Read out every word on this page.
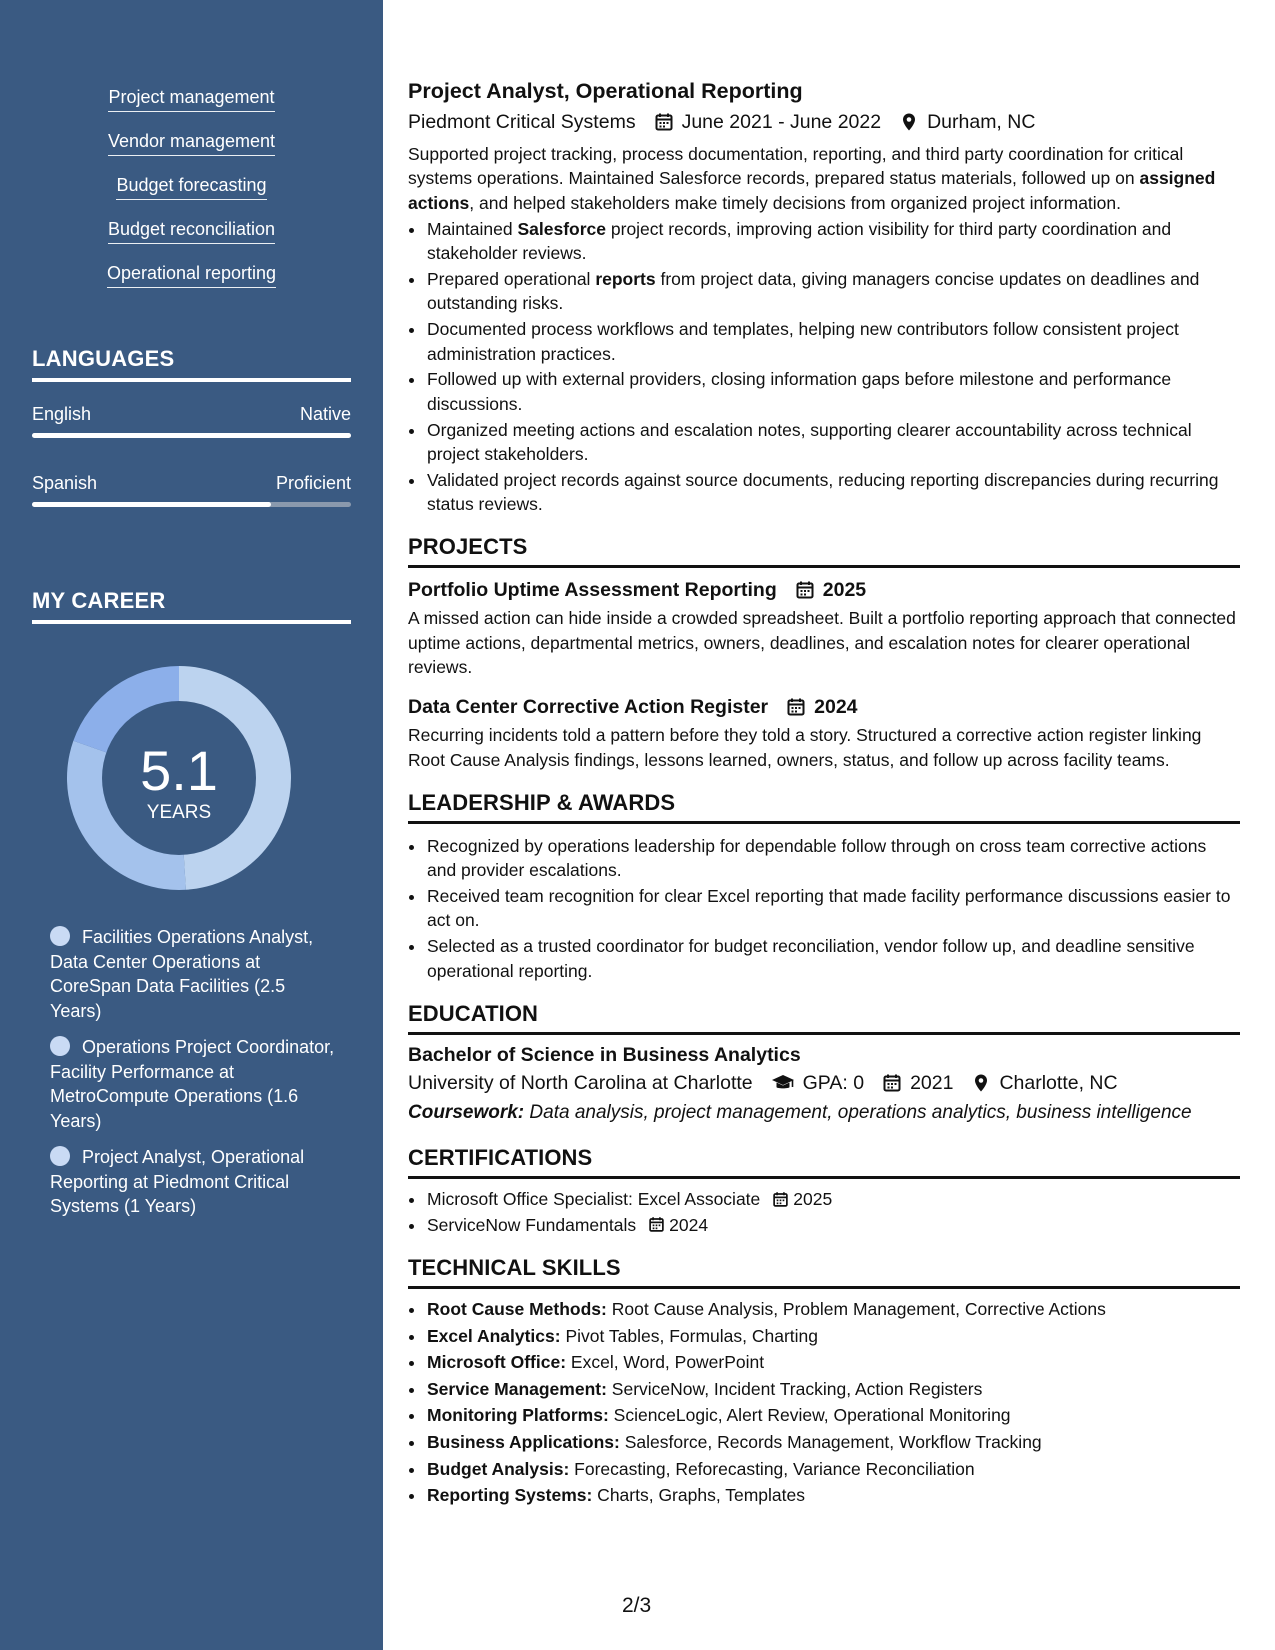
Project management
Vendor management
Budget forecasting
Budget reconciliation
Operational reporting
LANGUAGES
English	Native
Spanish	Proficient
MY CAREER
5.1
YEARS
Facilities Operations Analyst, Data Center Operations at CoreSpan Data Facilities (2.5 Years)
Operations Project Coordinator, Facility Performance at MetroCompute Operations (1.6 Years)
Project Analyst, Operational Reporting at Piedmont Critical Systems (1 Years)
Project Analyst, Operational Reporting
Piedmont Critical Systems June 2021 - June 2022 Durham, NC

Supported project tracking, process documentation, reporting, and third party coordination for critical systems operations. Maintained Salesforce records, prepared status materials, followed up on assigned actions, and helped stakeholders make timely decisions from organized project information.

• Maintained Salesforce project records, improving action visibility for third party coordination and stakeholder reviews.
• Prepared operational reports from project data, giving managers concise updates on deadlines and outstanding risks.
• Documented process workflows and templates, helping new contributors follow consistent project administration practices.
• Followed up with external providers, closing information gaps before milestone and performance discussions.
• Organized meeting actions and escalation notes, supporting clearer accountability across technical project stakeholders.
• Validated project records against source documents, reducing reporting discrepancies during recurring status reviews.
PROJECTS
Portfolio Uptime Assessment Reporting 2025

A missed action can hide inside a crowded spreadsheet. Built a portfolio reporting approach that connected uptime actions, departmental metrics, owners, deadlines, and escalation notes for clearer operational reviews.

Data Center Corrective Action Register 2024

Recurring incidents told a pattern before they told a story. Structured a corrective action register linking Root Cause Analysis findings, lessons learned, owners, status, and follow up across facility teams.

LEADERSHIP & AWARDS
• Recognized by operations leadership for dependable follow through on cross team corrective actions and provider escalations.
• Received team recognition for clear Excel reporting that made facility performance discussions easier to act on.
• Selected as a trusted coordinator for budget reconciliation, vendor follow up, and deadline sensitive operational reporting.
EDUCATION
Bachelor of Science in Business Analytics
University of North Carolina at Charlotte	GPA: 0 2021 Charlotte, NC
Coursework: Data analysis, project management, operations analytics, business intelligence
CERTIFICATIONS
• Microsoft Office Specialist: Excel Associate 2025
• ServiceNow Fundamentals 2024
TECHNICAL SKILLS
• Root Cause Methods: Root Cause Analysis, Problem Management, Corrective Actions
• Excel Analytics: Pivot Tables, Formulas, Charting
• Microsoft Office: Excel, Word, PowerPoint
• Service Management: ServiceNow, Incident Tracking, Action Registers
• Monitoring Platforms: ScienceLogic, Alert Review, Operational Monitoring
• Business Applications: Salesforce, Records Management, Workflow Tracking
• Budget Analysis: Forecasting, Reforecasting, Variance Reconciliation
• Reporting Systems: Charts, Graphs, Templates
2/3
